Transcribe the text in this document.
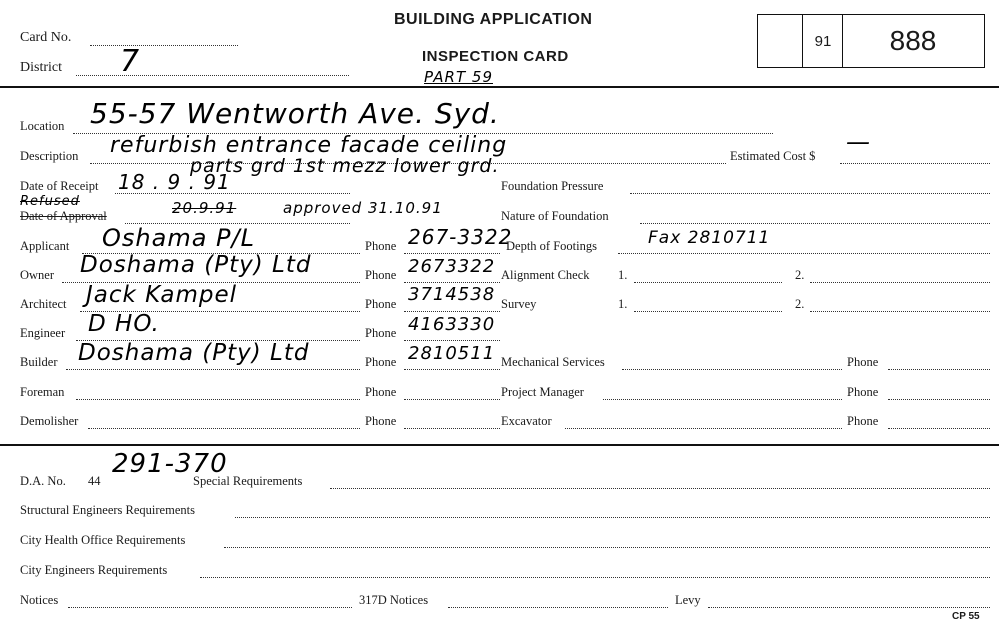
Card No.
District 7
BUILDING APPLICATION
INSPECTION CARD
PART 59
91 888
Location 55-57 Wentworth Ave. Syd.
Description refurbish entrance facade ceiling
parts grd 1st mezz lower grd.	Estimated Cost $ —
Date of Receipt 18 . 9 . 91
Date of Approval
Refused	20.9.91	approved 31.10.91
Applicant Oshama P/L	Phone 267-3322
Owner Doshama (Pty) Ltd	Phone 2673322
Architect Jack Kampel	Phone 3714538
Engineer D HO.	Phone 4163330
Builder Doshama (Pty) Ltd	Phone 2810511
Foreman	Phone
Demolisher	Phone
Foundation Pressure
Nature of Foundation
Depth of Footings	Fax 2810711
Alignment Check 1.	2.
Survey	1.	2.
Mechanical Services	Phone
Project Manager	Phone
Excavator	Phone
D.A. No. 44
291-370
Special Requirements
Structural Engineers Requirements
City Health Office Requirements
City Engineers Requirements
Notices	317D Notices	Levy
CP 55
